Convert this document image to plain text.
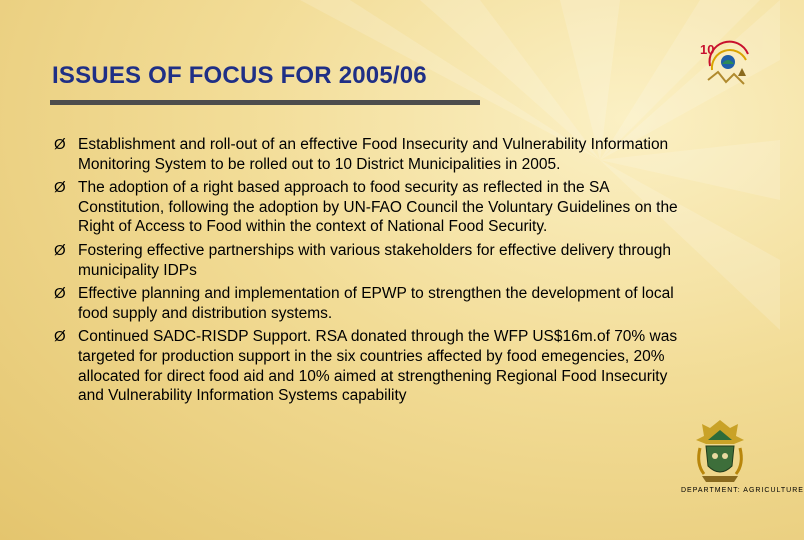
ISSUES OF FOCUS FOR 2005/06
Ø Establishment and roll-out of an effective Food Insecurity and Vulnerability Information Monitoring System to be rolled out to 10 District Municipalities in 2005.
Ø The adoption of a right based approach to food security as reflected in the SA Constitution, following the adoption by UN-FAO Council the Voluntary Guidelines on the Right of Access to Food within the context of National Food Security.
Ø Fostering effective partnerships with various stakeholders for effective delivery through municipality IDPs
Ø Effective planning and implementation of EPWP to strengthen the development of local food supply and distribution systems.
Ø Continued SADC-RISDP Support. RSA donated through the WFP US$16m.of 70% was targeted for production support in the six countries affected by food emegencies, 20% allocated for direct food aid and 10% aimed at strengthening Regional Food Insecurity and Vulnerability Information Systems capability
10
DEPARTMENT: AGRICULTURE
